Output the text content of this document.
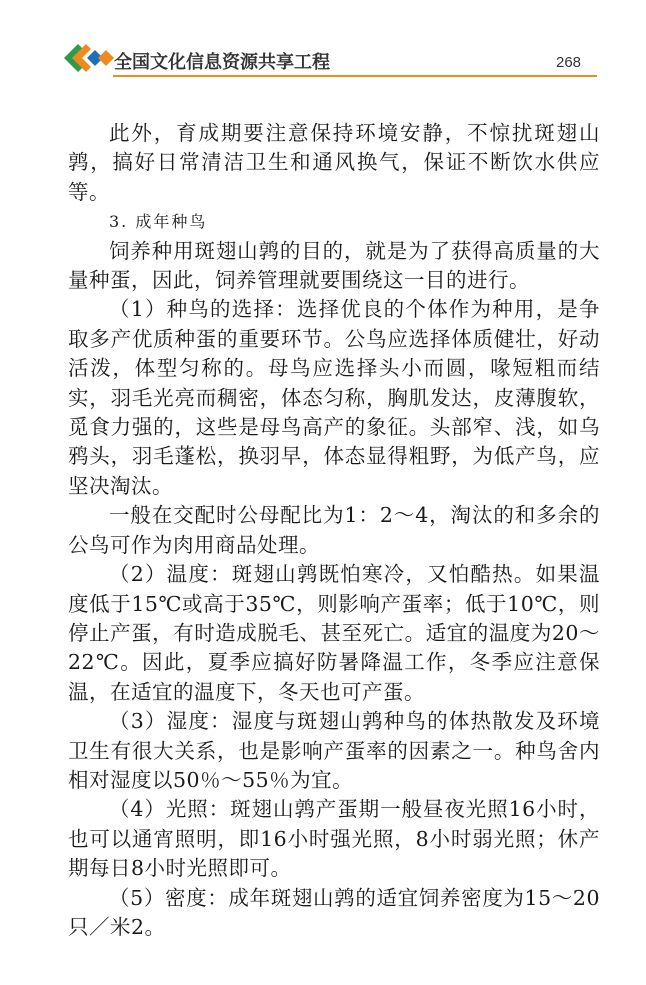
全国文化信息资源共享工程	268

此外，育成期要注意保持环境安静，不惊扰斑翅山鹑，搞好日常清洁卫生和通风换气，保证不断饮水供应等。

3. 成年种鸟

饲养种用斑翅山鹑的目的，就是为了获得高质量的大量种蛋，因此，饲养管理就要围绕这一目的进行。

（1）种鸟的选择：选择优良的个体作为种用，是争取多产优质种蛋的重要环节。公鸟应选择体质健壮，好动活泼，体型匀称的。母鸟应选择头小而圆，喙短粗而结实，羽毛光亮而稠密，体态匀称，胸肌发达，皮薄腹软，觅食力强的，这些是母鸟高产的象征。头部窄、浅，如乌鸦头，羽毛蓬松，换羽早，体态显得粗野，为低产鸟，应坚决淘汰。

一般在交配时公母配比为1：2～4，淘汰的和多余的公鸟可作为肉用商品处理。

（2）温度：斑翅山鹑既怕寒冷，又怕酷热。如果温度低于15℃或高于35℃，则影响产蛋率；低于10℃，则停止产蛋，有时造成脱毛、甚至死亡。适宜的温度为20～22℃。因此，夏季应搞好防暑降温工作，冬季应注意保温，在适宜的温度下，冬天也可产蛋。

（3）湿度：湿度与斑翅山鹑种鸟的体热散发及环境卫生有很大关系，也是影响产蛋率的因素之一。种鸟舍内相对湿度以50％～55％为宜。

（4）光照：斑翅山鹑产蛋期一般昼夜光照16小时，也可以通宵照明，即16小时强光照，8小时弱光照；休产期每日8小时光照即可。

（5）密度：成年斑翅山鹑的适宜饲养密度为15～20只／米2。
